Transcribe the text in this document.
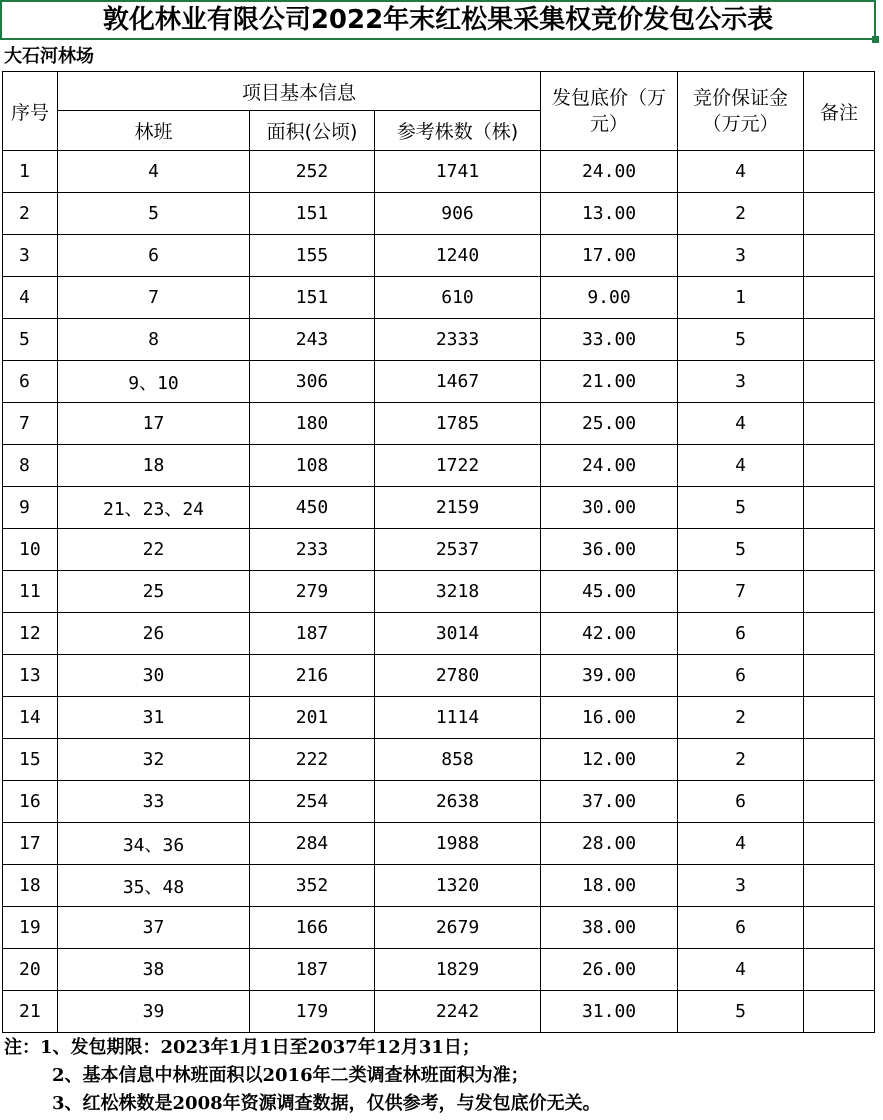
敦化林业有限公司2022年末红松果采集权竞价发包公示表
大石河林场
序号	项目基本信息			发包底价（万元）	竞价保证金（万元）	备注
	林班	面积(公顷)	参考株数（株)			
1	4	252	1741	24.00	4	
2	5	151	906	13.00	2	
3	6	155	1240	17.00	3	
4	7	151	610	9.00	1	
5	8	243	2333	33.00	5	
6	9、10	306	1467	21.00	3	
7	17	180	1785	25.00	4	
8	18	108	1722	24.00	4	
9	21、23、24	450	2159	30.00	5	
10	22	233	2537	36.00	5	
11	25	279	3218	45.00	7	
12	26	187	3014	42.00	6	
13	30	216	2780	39.00	6	
14	31	201	1114	16.00	2	
15	32	222	858	12.00	2	
16	33	254	2638	37.00	6	
17	34、36	284	1988	28.00	4	
18	35、48	352	1320	18.00	3	
19	37	166	2679	38.00	6	
20	38	187	1829	26.00	4	
21	39	179	2242	31.00	5	
注：1、发包期限：2023年1月1日至2037年12月31日；
2、基本信息中林班面积以2016年二类调查林班面积为准；
3、红松株数是2008年资源调查数据，仅供参考，与发包底价无关。
